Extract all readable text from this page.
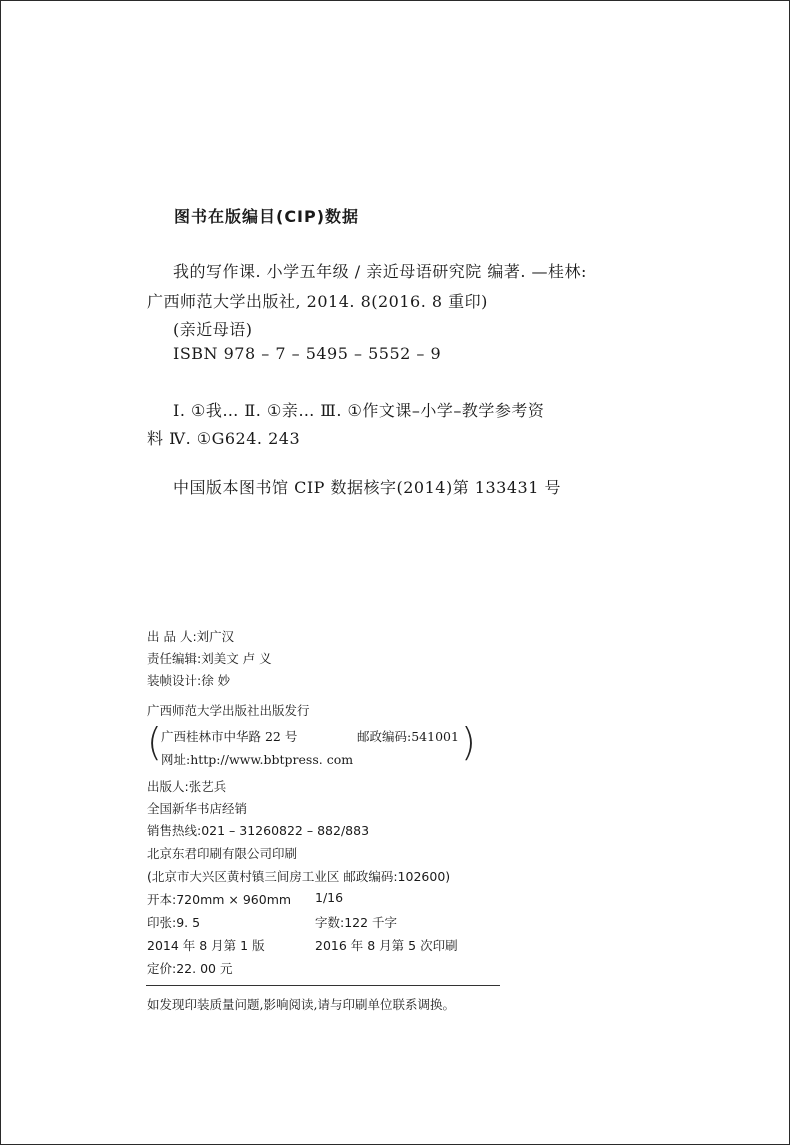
图书在版编目(CIP)数据
我的写作课. 小学五年级 / 亲近母语研究院 编著. —桂林:
广西师范大学出版社, 2014. 8(2016. 8 重印)
(亲近母语)
ISBN 978 – 7 – 5495 – 5552 – 9
Ⅰ. ①我… Ⅱ. ①亲… Ⅲ. ①作文课–小学–教学参考资
料 Ⅳ. ①G624. 243
中国版本图书馆 CIP 数据核字(2014)第 133431 号
出 品 人:刘广汉
责任编辑:刘美文 卢 义
装帧设计:徐 妙
广西师范大学出版社出版发行
( 广西桂林市中华路 22 号	邮政编码:541001
网址:http://www.bbtpress. com	)
出版人:张艺兵
全国新华书店经销
销售热线:021 – 31260822 – 882/883
北京东君印刷有限公司印刷
(北京市大兴区黄村镇三间房工业区 邮政编码:102600)
开本:720mm × 960mm 1/16
印张:9. 5	字数:122 千字
2014 年 8 月第 1 版	2016 年 8 月第 5 次印刷
定价:22. 00 元
如发现印装质量问题,影响阅读,请与印刷单位联系调换。
